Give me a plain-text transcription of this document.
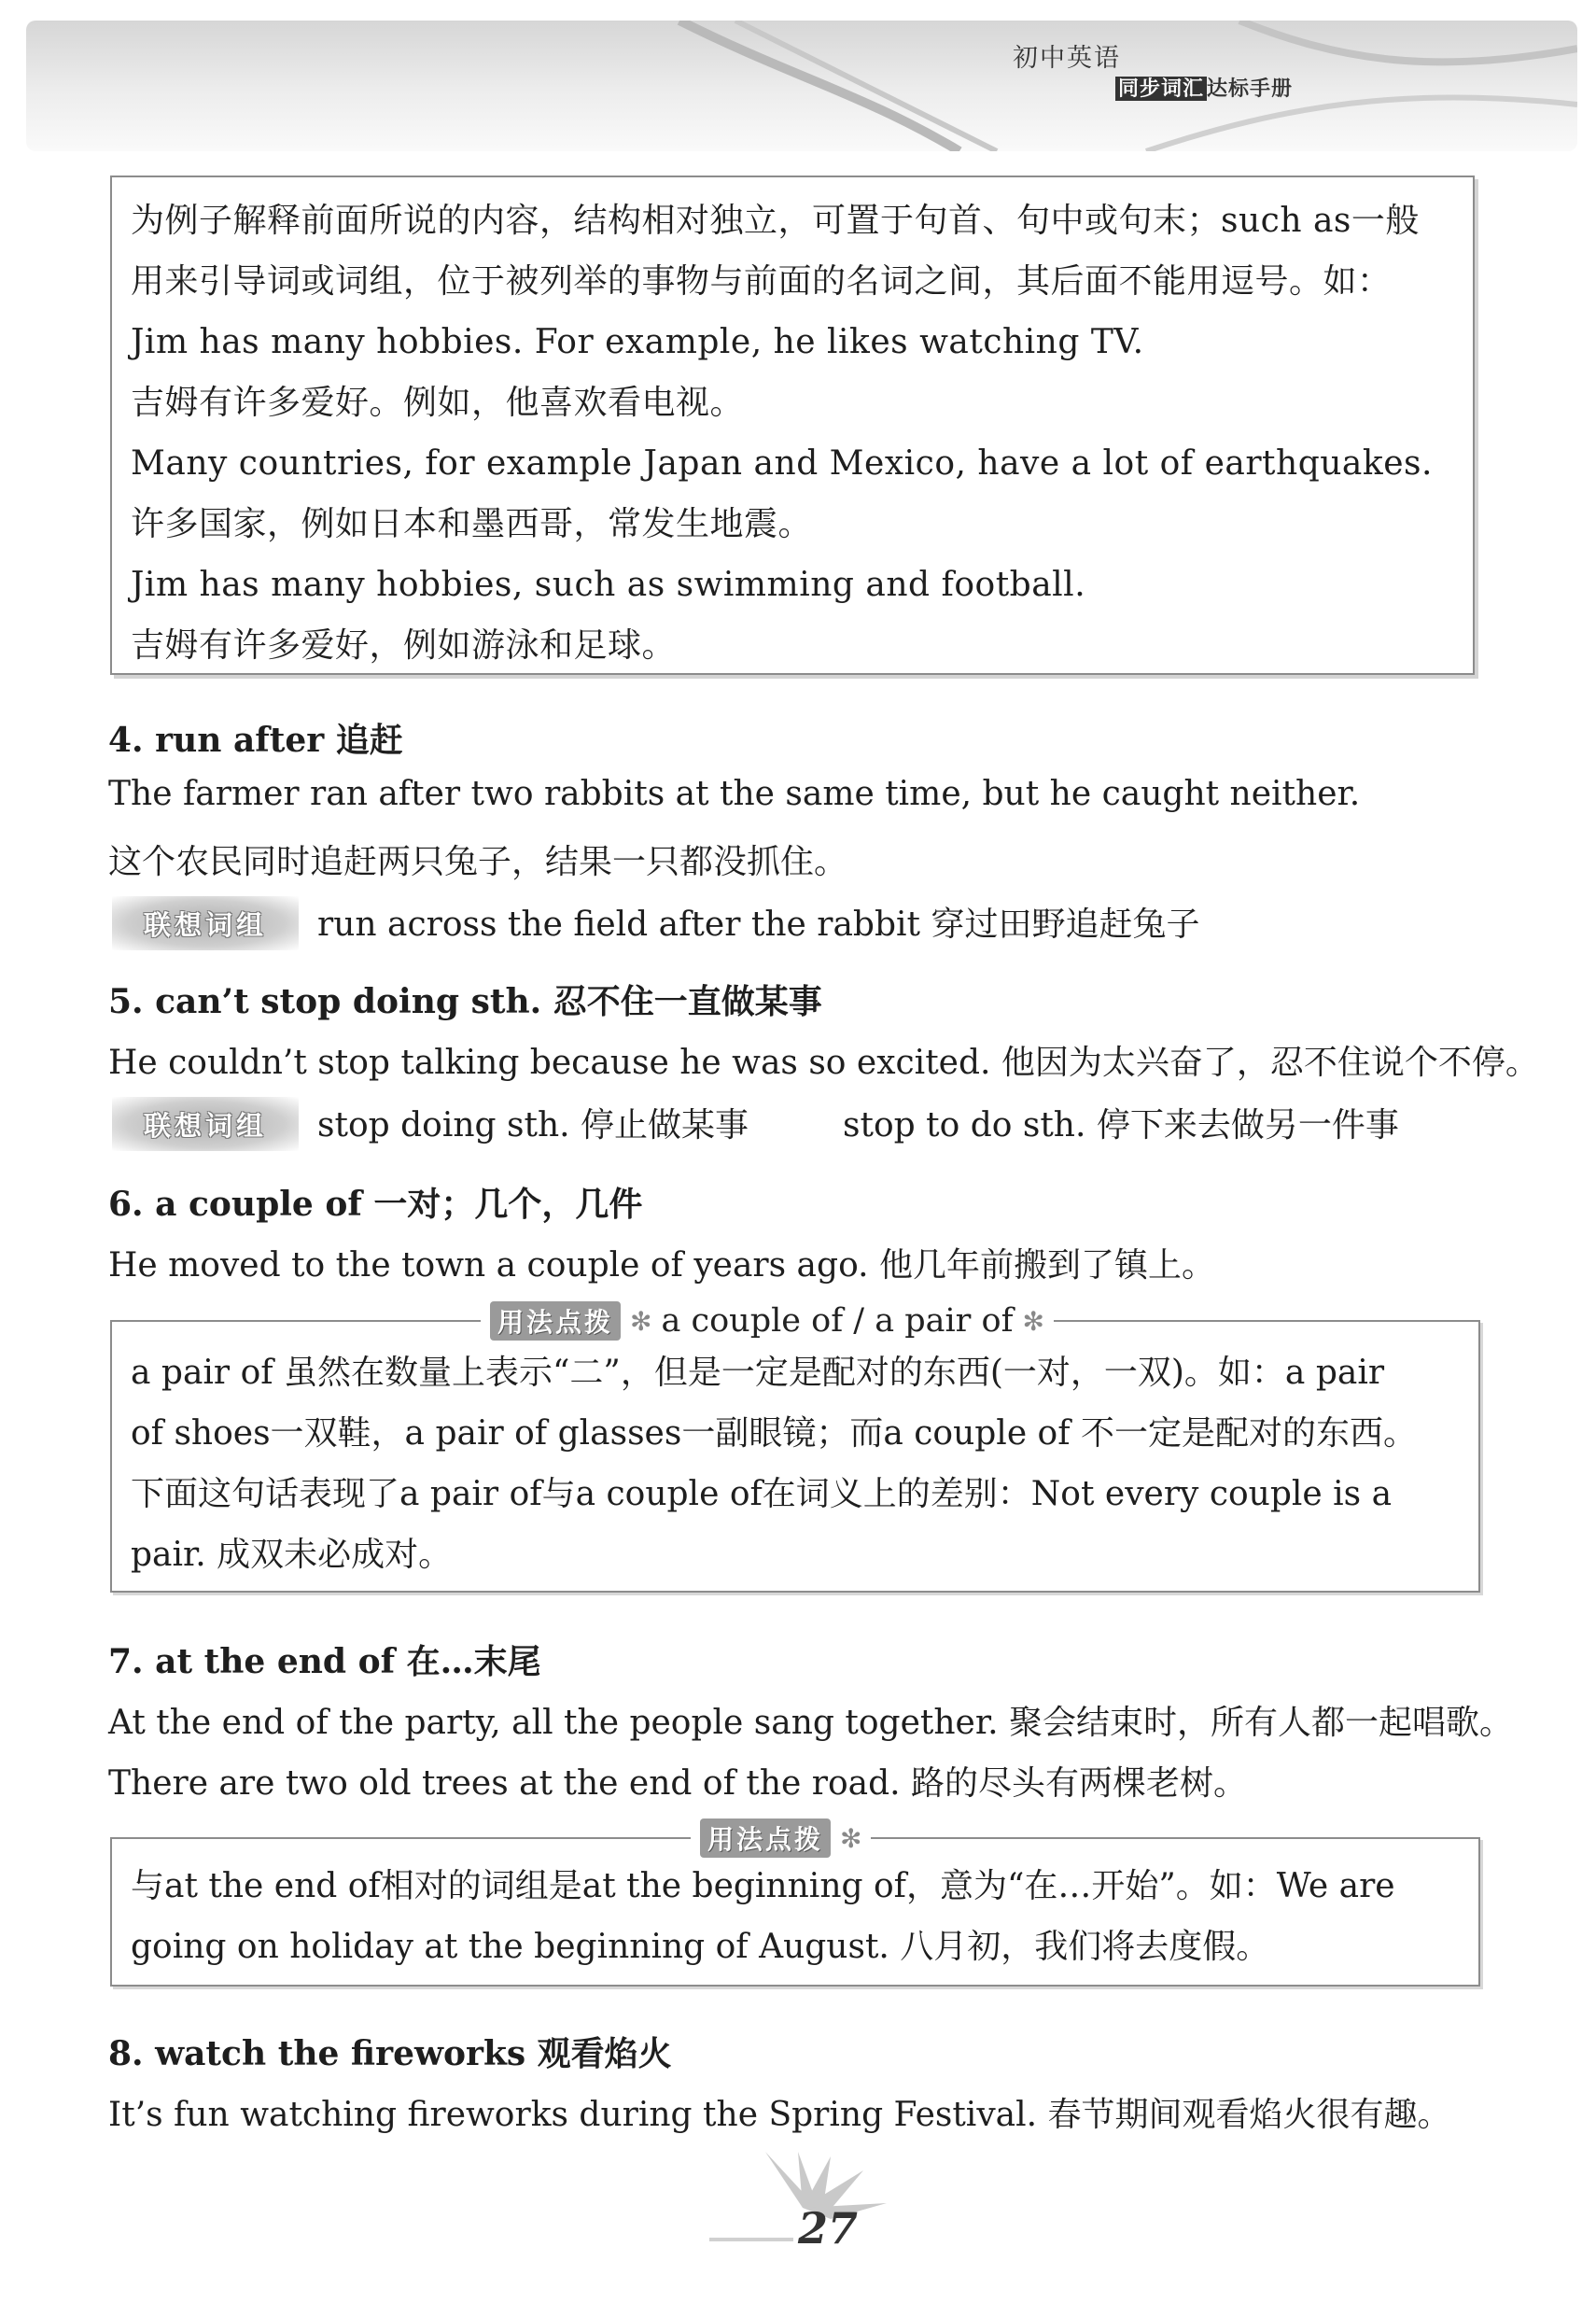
初中英语
同步词汇 达标手册
为例子解释前面所说的内容，结构相对独立，可置于句首、句中或句末；such as一般
用来引导词或词组，位于被列举的事物与前面的名词之间，其后面不能用逗号。如：
Jim has many hobbies. For example, he likes watching TV.
吉姆有许多爱好。例如，他喜欢看电视。
Many countries, for example Japan and Mexico, have a lot of earthquakes.
许多国家，例如日本和墨西哥，常发生地震。
Jim has many hobbies, such as swimming and football.
吉姆有许多爱好，例如游泳和足球。
4. run after 追赶
The farmer ran after two rabbits at the same time, but he caught neither.
这个农民同时追赶两只兔子，结果一只都没抓住。
联想词组	run across the field after the rabbit 穿过田野追赶兔子
5. can’t stop doing sth. 忍不住一直做某事
He couldn’t stop talking because he was so excited. 他因为太兴奋了，忍不住说个不停。
联想词组	stop doing sth. 停止做某事	stop to do sth. 停下来去做另一件事
6. a couple of 一对；几个，几件
He moved to the town a couple of years ago. 他几年前搬到了镇上。
用法点拨 ✻ a couple of / a pair of ✻
a pair of 虽然在数量上表示“二”，但是一定是配对的东西(一对，一双)。如：a pair
of shoes一双鞋，a pair of glasses一副眼镜；而a couple of 不一定是配对的东西。
下面这句话表现了a pair of与a couple of在词义上的差别：Not every couple is a
pair. 成双未必成对。
7. at the end of 在…末尾
At the end of the party, all the people sang together. 聚会结束时，所有人都一起唱歌。
There are two old trees at the end of the road. 路的尽头有两棵老树。
用法点拨 ✻
与at the end of相对的词组是at the beginning of，意为“在…开始”。如：We are
going on holiday at the beginning of August. 八月初，我们将去度假。
8. watch the fireworks 观看焰火
It’s fun watching fireworks during the Spring Festival. 春节期间观看焰火很有趣。
27
